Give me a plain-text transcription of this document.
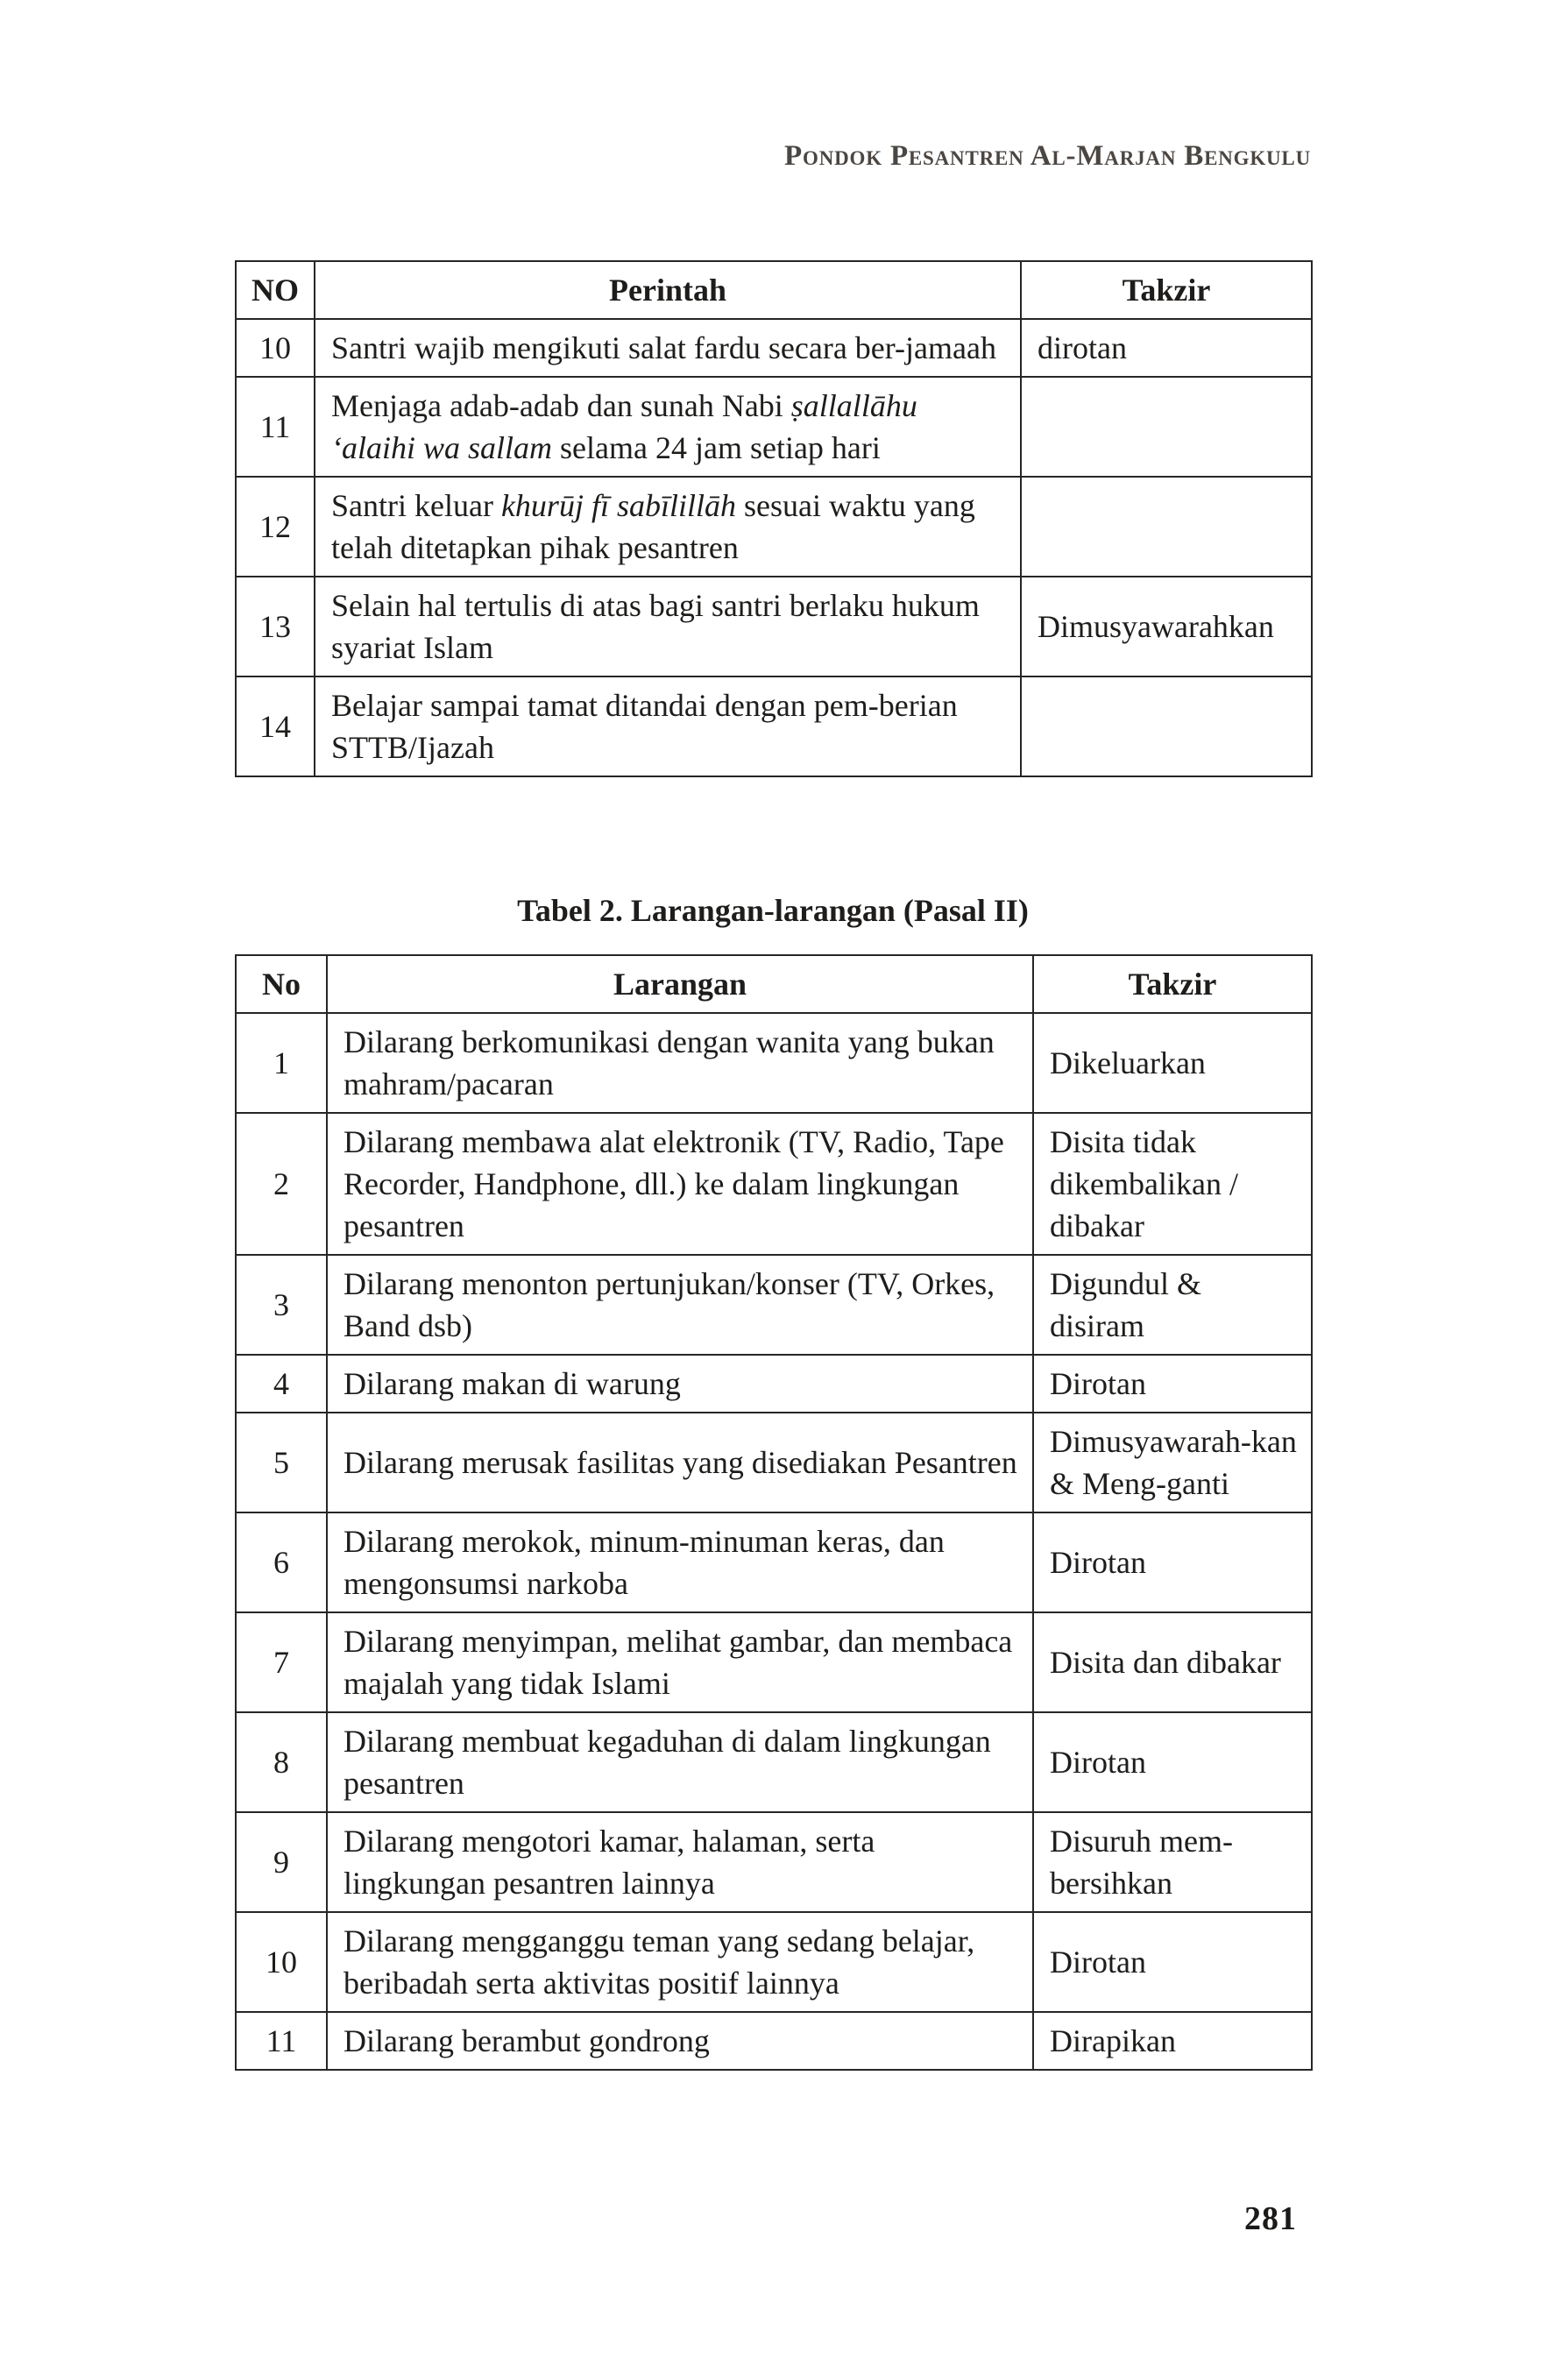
Pondok Pesantren Al-Marjan Bengkulu
NO	Perintah	Takzir
10	Santri wajib mengikuti salat fardu secara ber-jamaah	dirotan
11	Menjaga adab-adab dan sunah Nabi ṣallallāhu ‘alaihi wa sallam selama 24 jam setiap hari	
12	Santri keluar khurūj fī sabīlillāh sesuai waktu yang telah ditetapkan pihak pesantren	
13	Selain hal tertulis di atas bagi santri berlaku hukum syariat Islam	Dimusyawarahkan
14	Belajar sampai tamat ditandai dengan pem-berian STTB/Ijazah	
Tabel 2. Larangan-larangan (Pasal II)
No	Larangan	Takzir
1	Dilarang berkomunikasi dengan wanita yang bukan mahram/pacaran	Dikeluarkan
2	Dilarang membawa alat elektronik (TV, Radio, Tape Recorder, Handphone, dll.) ke dalam lingkungan pesantren	Disita tidak dikembalikan / dibakar
3	Dilarang menonton pertunjukan/konser (TV, Orkes, Band dsb)	Digundul & disiram
4	Dilarang makan di warung	Dirotan
5	Dilarang merusak fasilitas yang disediakan Pesantren	Dimusyawarah-kan & Meng-ganti
6	Dilarang merokok, minum-minuman keras, dan mengonsumsi narkoba	Dirotan
7	Dilarang menyimpan, melihat gambar, dan membaca majalah yang tidak Islami	Disita dan dibakar
8	Dilarang membuat kegaduhan di dalam lingkungan pesantren	Dirotan
9	Dilarang mengotori kamar, halaman, serta lingkungan pesantren lainnya	Disuruh mem-bersihkan
10	Dilarang mengganggu teman yang sedang belajar, beribadah serta aktivitas positif lainnya	Dirotan
11	Dilarang berambut gondrong	Dirapikan
281
